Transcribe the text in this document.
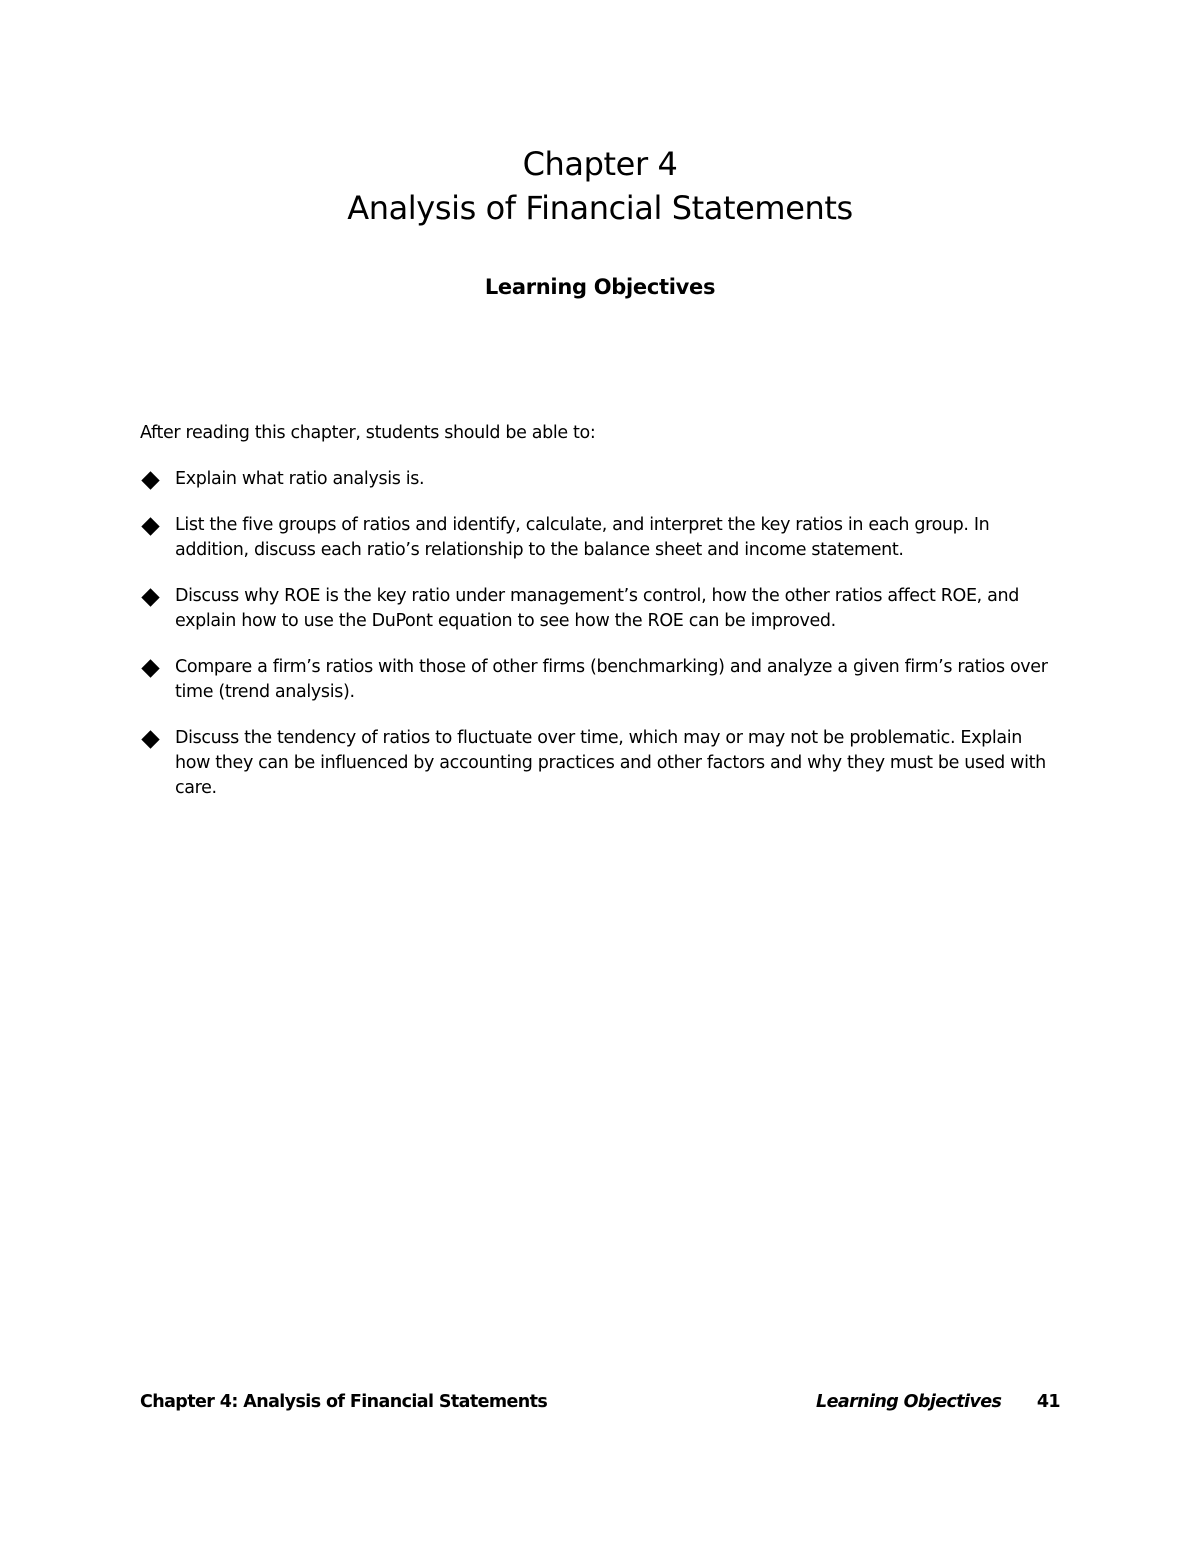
Chapter 4
Analysis of Financial Statements
Learning Objectives

After reading this chapter, students should be able to:

Explain what ratio analysis is.
List the five groups of ratios and identify, calculate, and interpret the key ratios in each group. In addition, discuss each ratio’s relationship to the balance sheet and income statement.
Discuss why ROE is the key ratio under management’s control, how the other ratios affect ROE, and explain how to use the DuPont equation to see how the ROE can be improved.
Compare a firm’s ratios with those of other firms (benchmarking) and analyze a given firm’s ratios over time (trend analysis).
Discuss the tendency of ratios to fluctuate over time, which may or may not be problematic. Explain how they can be influenced by accounting practices and other factors and why they must be used with care.
Chapter 4: Analysis of Financial Statements	Learning Objectives 41
